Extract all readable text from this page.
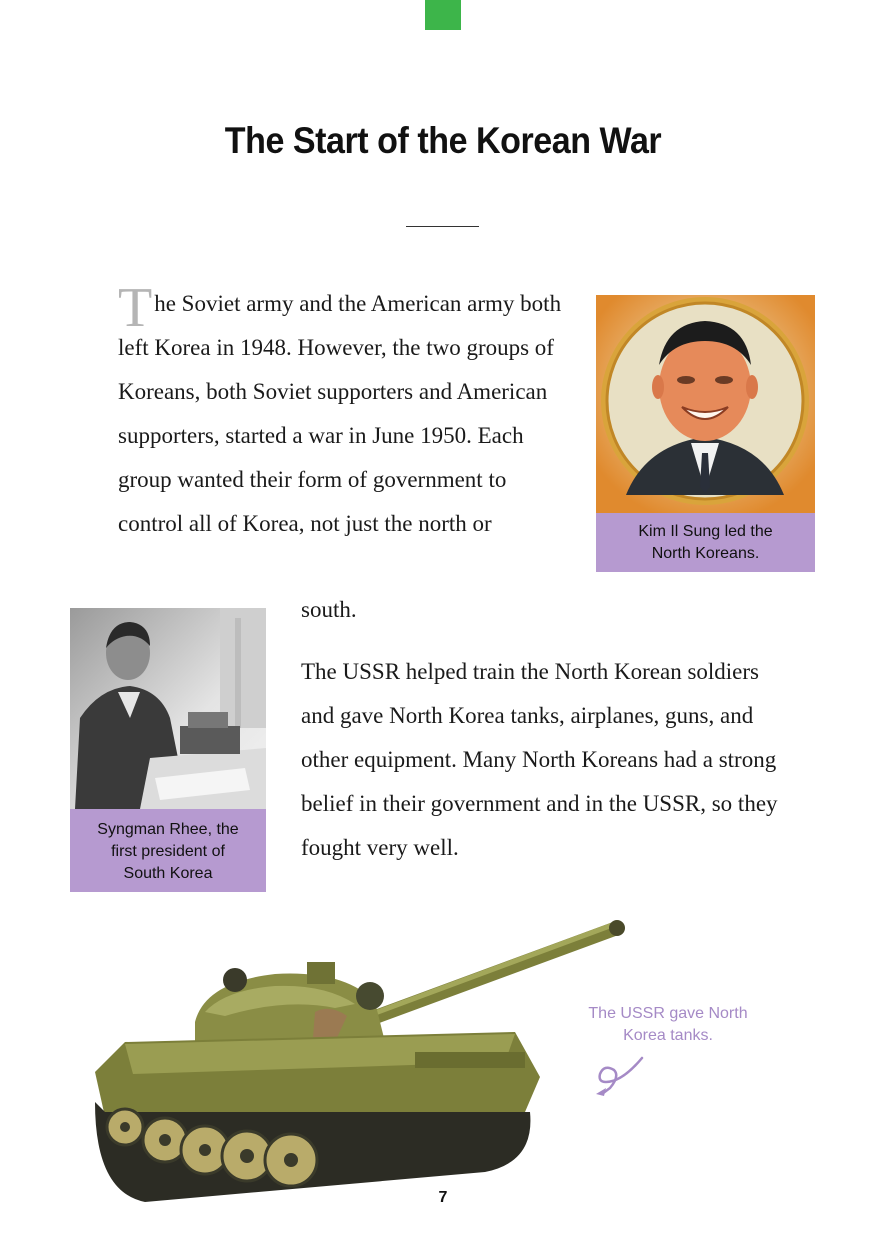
The Start of the Korean War
The Soviet army and the American army both left Korea in 1948. However, the two groups of Koreans, both Soviet supporters and American supporters, started a war in June 1950. Each group wanted their form of government to control all of Korea, not just the north or
south.
The USSR helped train the North Korean soldiers and gave North Korea tanks, airplanes, guns, and other equipment. Many North Koreans had a strong belief in their government and in the USSR, so they fought very well.
Kim Il Sung led the
North Koreans.
Syngman Rhee, the
first president of
South Korea
The USSR gave North
Korea tanks.
7
